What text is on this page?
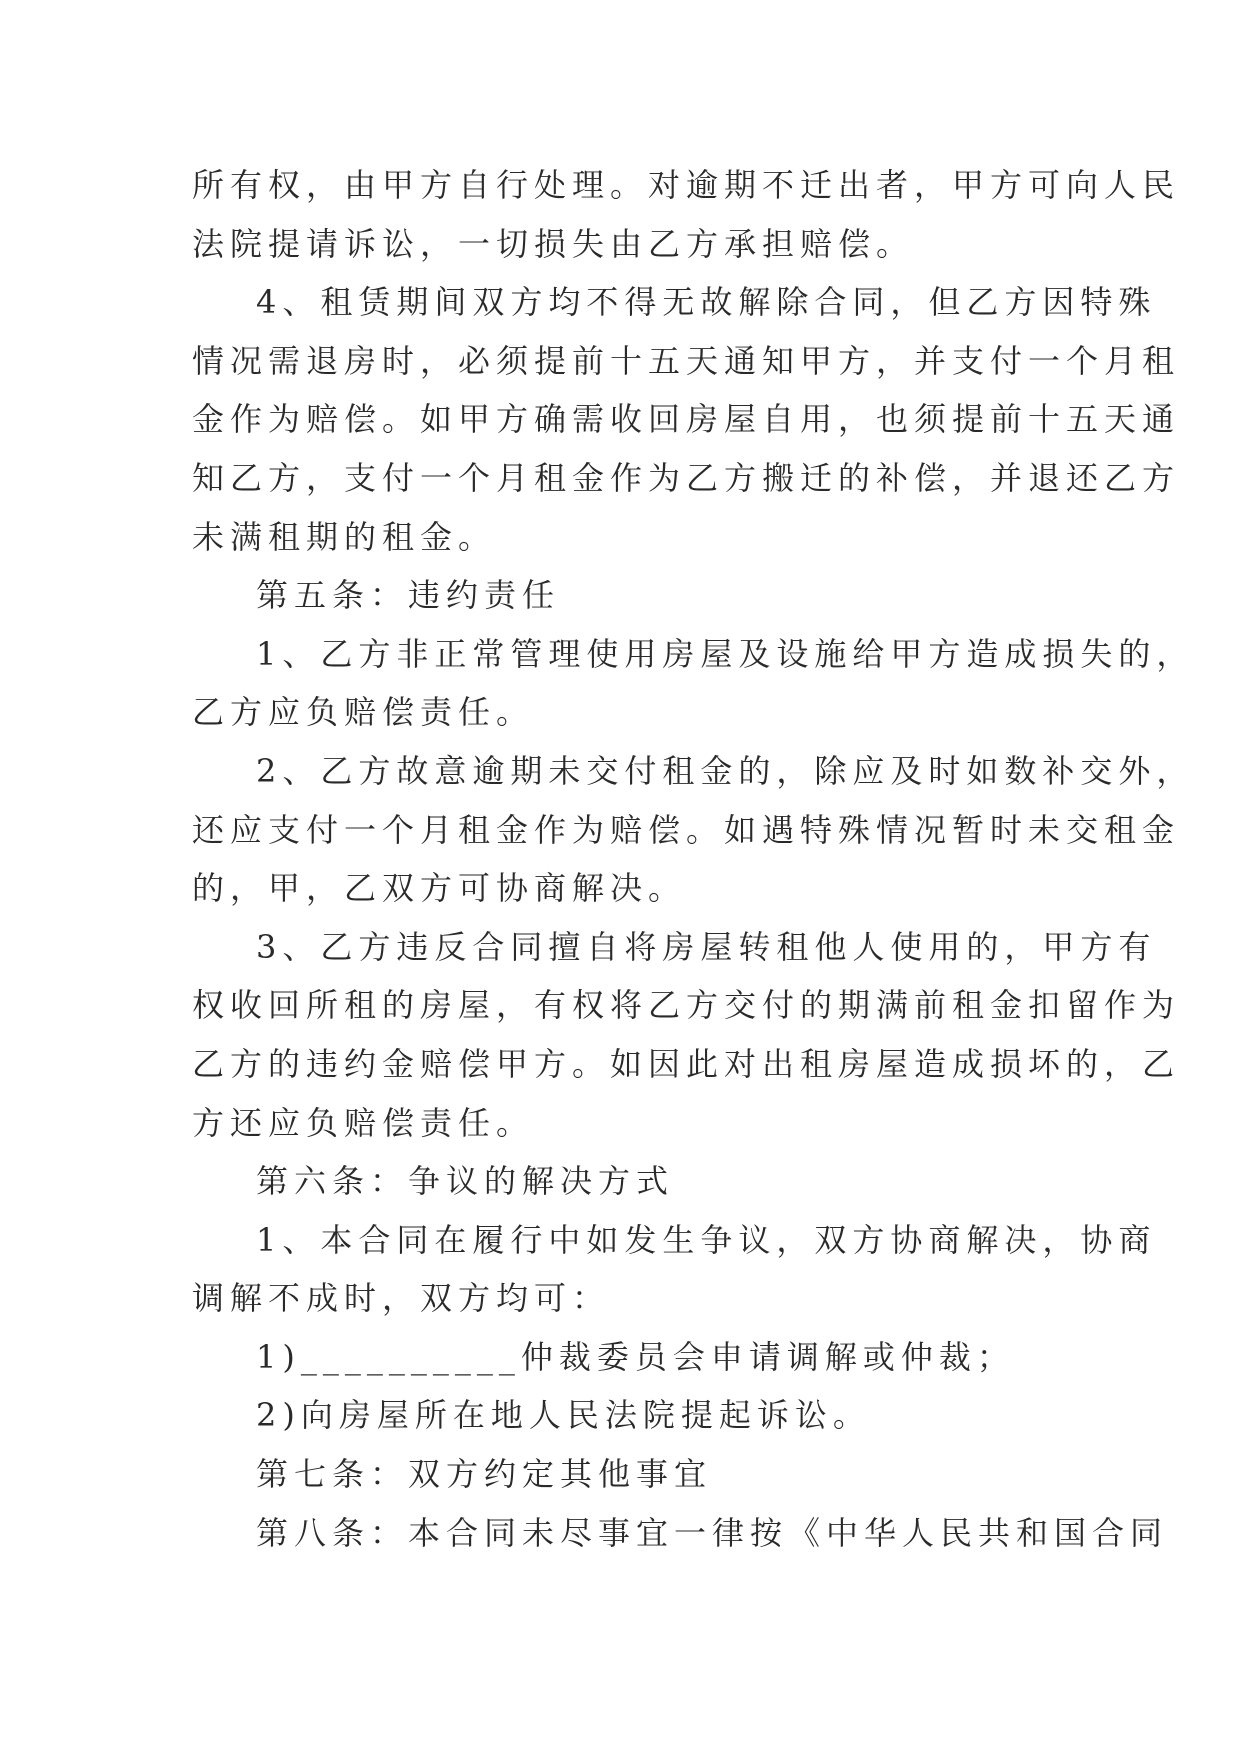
所有权，由甲方自行处理。对逾期不迁出者，甲方可向人民
法院提请诉讼，一切损失由乙方承担赔偿。
4、租赁期间双方均不得无故解除合同，但乙方因特殊
情况需退房时，必须提前十五天通知甲方，并支付一个月租
金作为赔偿。如甲方确需收回房屋自用，也须提前十五天通
知乙方，支付一个月租金作为乙方搬迁的补偿，并退还乙方
未满租期的租金。
第五条：违约责任
1、乙方非正常管理使用房屋及设施给甲方造成损失的，
乙方应负赔偿责任。
2、乙方故意逾期未交付租金的，除应及时如数补交外，
还应支付一个月租金作为赔偿。如遇特殊情况暂时未交租金
的，甲，乙双方可协商解决。
3、乙方违反合同擅自将房屋转租他人使用的，甲方有
权收回所租的房屋，有权将乙方交付的期满前租金扣留作为
乙方的违约金赔偿甲方。如因此对出租房屋造成损坏的，乙
方还应负赔偿责任。
第六条：争议的解决方式
1、本合同在履行中如发生争议，双方协商解决，协商
调解不成时，双方均可：
1)__________仲裁委员会申请调解或仲裁；
2)向房屋所在地人民法院提起诉讼。
第七条：双方约定其他事宜
第八条：本合同未尽事宜一律按《中华人民共和国合同
